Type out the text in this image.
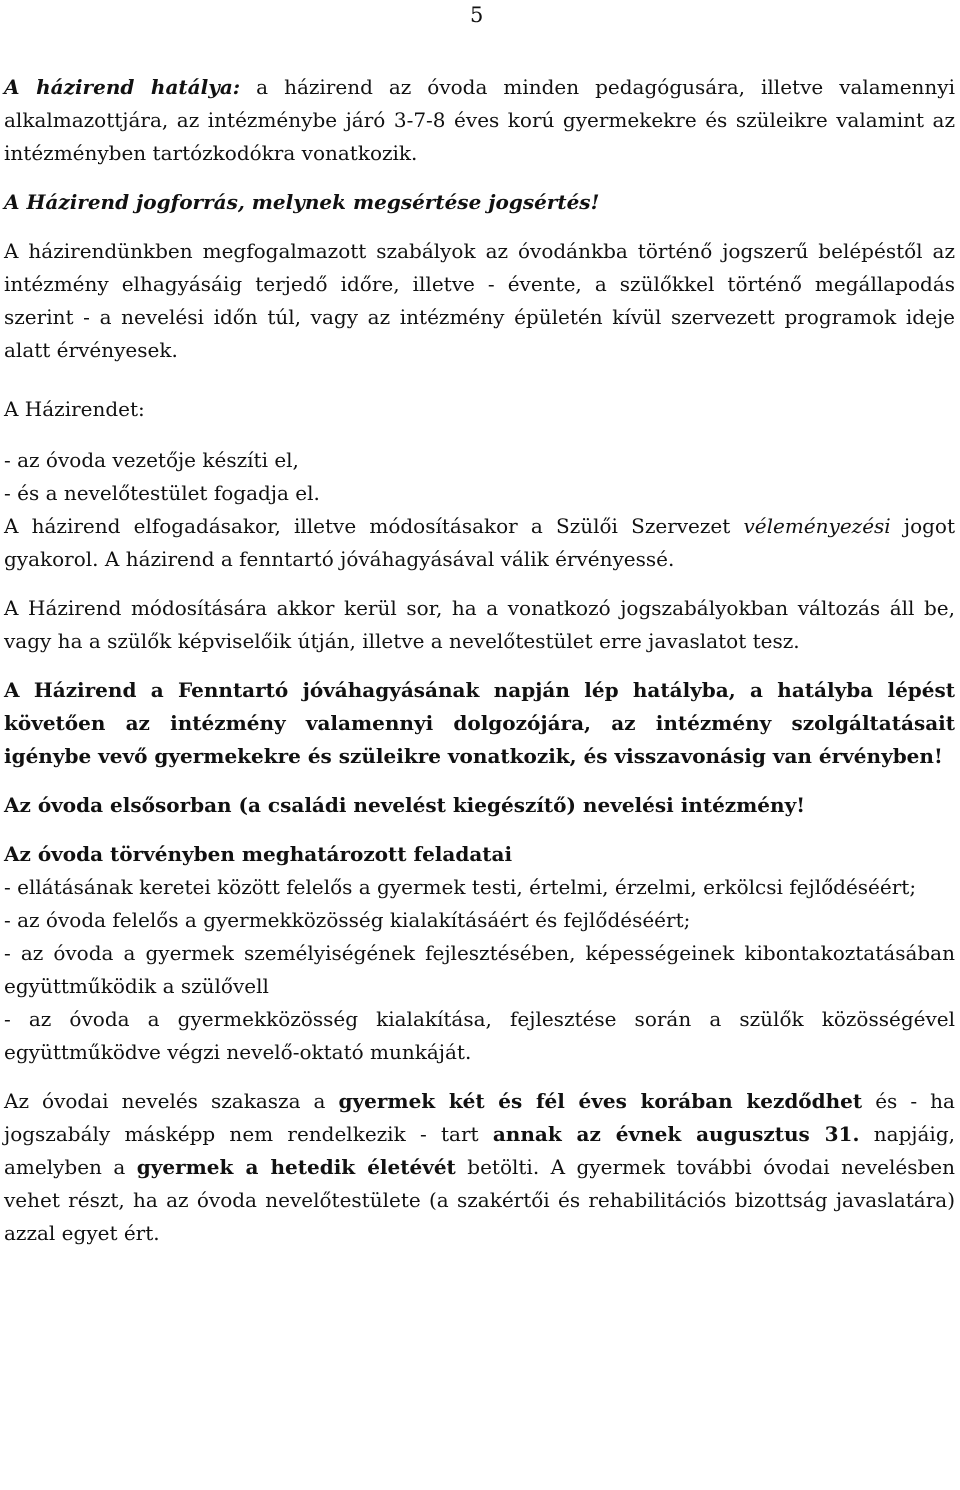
5

A házirend hatálya: a házirend az óvoda minden pedagógusára, illetve valamennyi alkalmazottjára, az intézménybe járó 3-7-8 éves korú gyermekekre és szüleikre valamint az intézményben tartózkodókra vonatkozik.

A Házirend jogforrás, melynek megsértése jogsértés!

A házirendünkben megfogalmazott szabályok az óvodánkba történő jogszerű belépéstől az intézmény elhagyásáig terjedő időre, illetve - évente, a szülőkkel történő megállapodás szerint - a nevelési időn túl, vagy az intézmény épületén kívül szervezett programok ideje alatt érvényesek.

A Házirendet:

- az óvoda vezetője készíti el,

- és a nevelőtestület fogadja el.

A házirend elfogadásakor, illetve módosításakor a Szülői Szervezet véleményezési jogot gyakorol. A házirend a fenntartó jóváhagyásával válik érvényessé.

A Házirend módosítására akkor kerül sor, ha a vonatkozó jogszabályokban változás áll be, vagy ha a szülők képviselőik útján, illetve a nevelőtestület erre javaslatot tesz.

A Házirend a Fenntartó jóváhagyásának napján lép hatályba, a hatályba lépést követően az intézmény valamennyi dolgozójára, az intézmény szolgáltatásait igénybe vevő gyermekekre és szüleikre vonatkozik, és visszavonásig van érvényben!

Az óvoda elsősorban (a családi nevelést kiegészítő) nevelési intézmény!

Az óvoda törvényben meghatározott feladatai

- ellátásának keretei között felelős a gyermek testi, értelmi, érzelmi, erkölcsi fejlődéséért;

- az óvoda felelős a gyermekközösség kialakításáért és fejlődéséért;

- az óvoda a gyermek személyiségének fejlesztésében, képességeinek kibontakoztatásában együttműködik a szülővell

- az óvoda a gyermekközösség kialakítása, fejlesztése során a szülők közösségével együttműködve végzi nevelő-oktató munkáját.

Az óvodai nevelés szakasza a gyermek két és fél éves korában kezdődhet és - ha jogszabály másképp nem rendelkezik - tart annak az évnek augusztus 31. napjáig, amelyben a gyermek a hetedik életévét betölti. A gyermek további óvodai nevelésben vehet részt, ha az óvoda nevelőtestülete (a szakértői és rehabilitációs bizottság javaslatára) azzal egyet ért.
